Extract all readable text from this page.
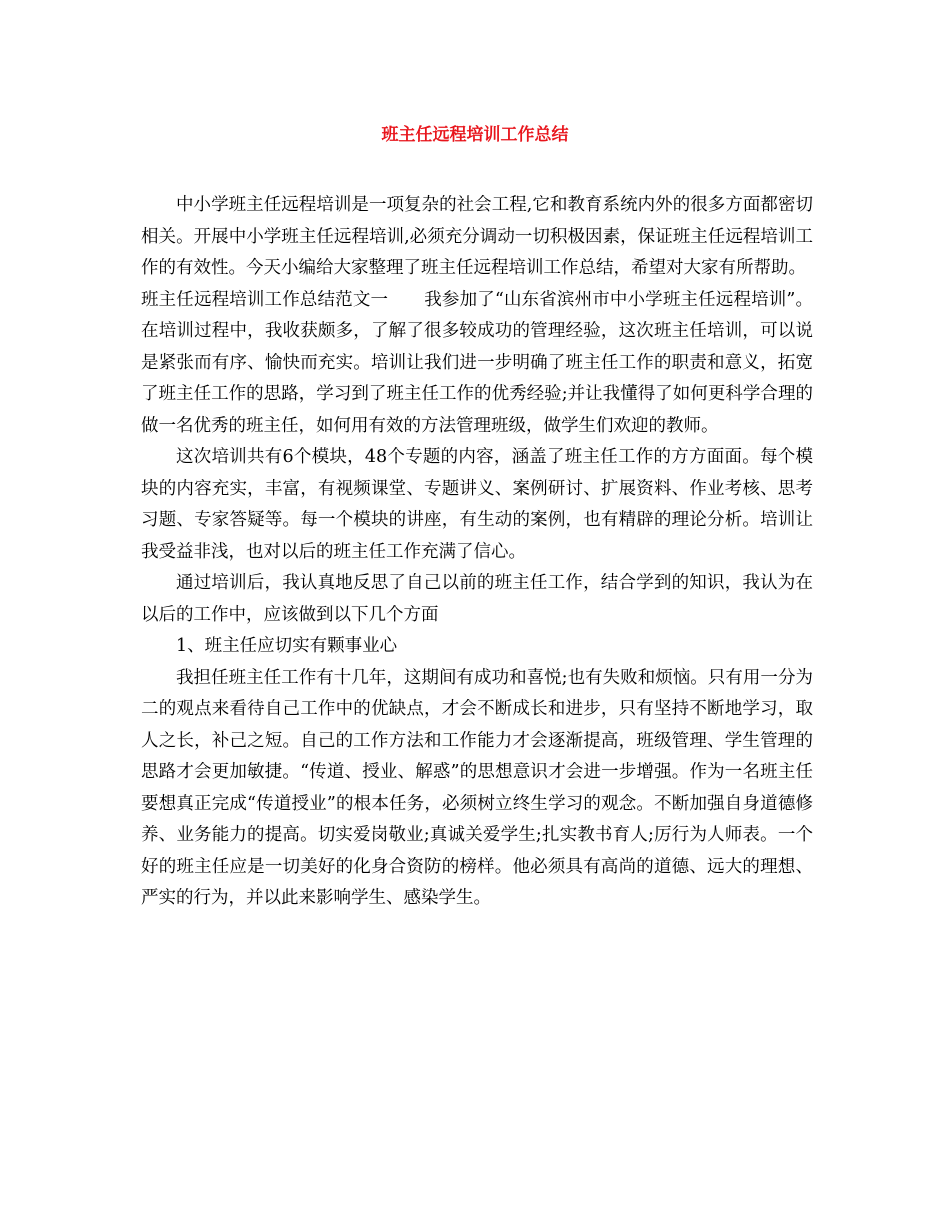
班主任远程培训工作总结

中小学班主任远程培训是一项复杂的社会工程,它和教育系统内外的很多方面都密切相关。开展中小学班主任远程培训,必须充分调动一切积极因素，保证班主任远程培训工作的有效性。今天小编给大家整理了班主任远程培训工作总结，希望对大家有所帮助。

班主任远程培训工作总结范文一 我参加了“山东省滨州市中小学班主任远程培训”。在培训过程中，我收获颇多，了解了很多较成功的管理经验，这次班主任培训，可以说是紧张而有序、愉快而充实。培训让我们进一步明确了班主任工作的职责和意义，拓宽了班主任工作的思路，学习到了班主任工作的优秀经验;并让我懂得了如何更科学合理的做一名优秀的班主任，如何用有效的方法管理班级，做学生们欢迎的教师。

这次培训共有6个模块，48个专题的内容，涵盖了班主任工作的方方面面。每个模块的内容充实，丰富，有视频课堂、专题讲义、案例研讨、扩展资料、作业考核、思考习题、专家答疑等。每一个模块的讲座，有生动的案例，也有精辟的理论分析。培训让我受益非浅，也对以后的班主任工作充满了信心。

通过培训后，我认真地反思了自己以前的班主任工作，结合学到的知识，我认为在以后的工作中，应该做到以下几个方面

1、班主任应切实有颗事业心

我担任班主任工作有十几年，这期间有成功和喜悦;也有失败和烦恼。只有用一分为二的观点来看待自己工作中的优缺点，才会不断成长和进步，只有坚持不断地学习，取人之长，补己之短。自己的工作方法和工作能力才会逐渐提高，班级管理、学生管理的思路才会更加敏捷。“传道、授业、解惑”的思想意识才会进一步增强。作为一名班主任要想真正完成“传道授业”的根本任务，必须树立终生学习的观念。不断加强自身道德修养、业务能力的提高。切实爱岗敬业;真诚关爱学生;扎实教书育人;厉行为人师表。一个好的班主任应是一切美好的化身合资防的榜样。他必须具有高尚的道德、远大的理想、严实的行为，并以此来影响学生、感染学生。
